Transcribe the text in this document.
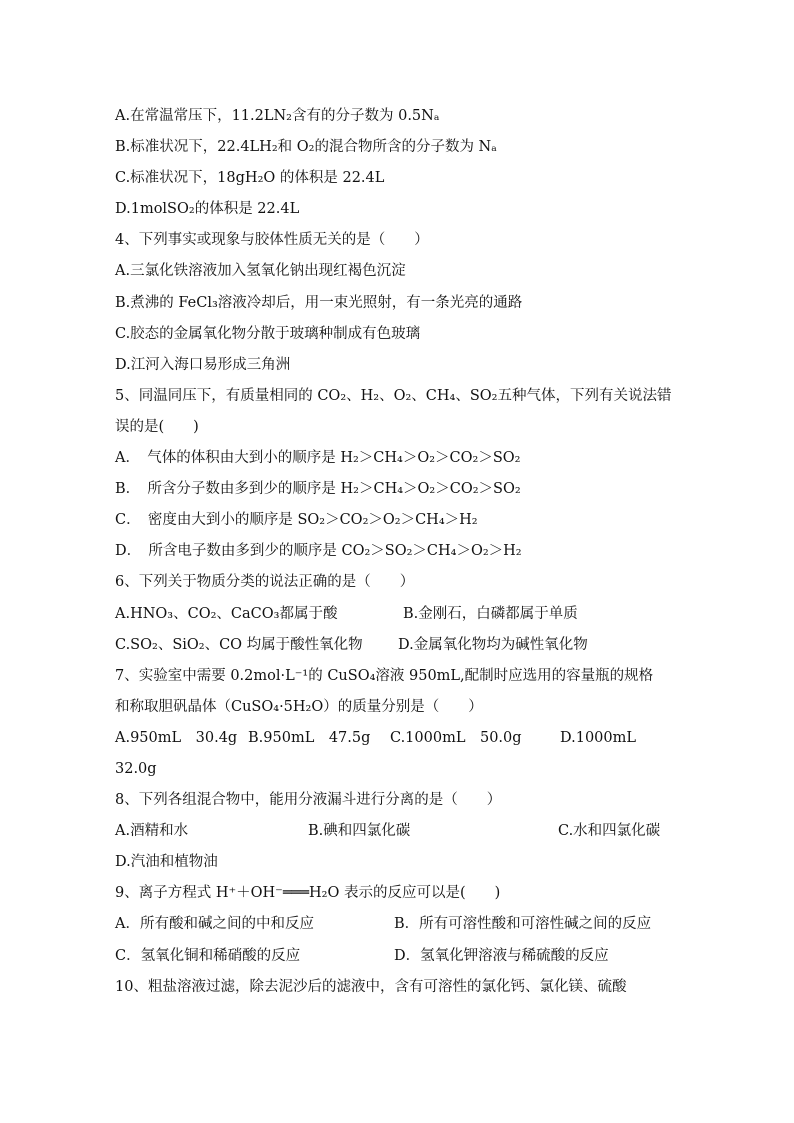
A.在常温常压下，11.2LN₂含有的分子数为 0.5Nₐ
B.标准状况下，22.4LH₂和 O₂的混合物所含的分子数为 Nₐ
C.标准状况下，18gH₂O 的体积是 22.4L
D.1molSO₂的体积是 22.4L
4、下列事实或现象与胶体性质无关的是（　　）
A.三氯化铁溶液加入氢氧化钠出现红褐色沉淀
B.煮沸的 FeCl₃溶液冷却后，用一束光照射，有一条光亮的通路
C.胶态的金属氧化物分散于玻璃种制成有色玻璃
D.江河入海口易形成三角洲
5、同温同压下，有质量相同的 CO₂、H₂、O₂、CH₄、SO₂五种气体，下列有关说法错
误的是(　　)
A．　气体的体积由大到小的顺序是 H₂＞CH₄＞O₂＞CO₂＞SO₂
B．　所含分子数由多到少的顺序是 H₂＞CH₄＞O₂＞CO₂＞SO₂
C．　密度由大到小的顺序是 SO₂＞CO₂＞O₂＞CH₄＞H₂
D．　所含电子数由多到少的顺序是 CO₂＞SO₂＞CH₄＞O₂＞H₂
6、下列关于物质分类的说法正确的是（　　）
A.HNO₃、CO₂、CaCO₃都属于酸	B.金刚石，白磷都属于单质
C.SO₂、SiO₂、CO 均属于酸性氧化物 D.金属氧化物均为碱性氧化物
7、实验室中需要 0.2mol·L⁻¹的 CuSO₄溶液 950mL,配制时应选用的容量瓶的规格
和称取胆矾晶体（CuSO₄·5H₂O）的质量分别是（　　）
A.950mL　30.4g B.950mL　47.5g C.1000mL　50.0g	D.1000mL
32.0g
8、下列各组混合物中，能用分液漏斗进行分离的是（　　）
A.酒精和水	B.碘和四氯化碳	C.水和四氯化碳
D.汽油和植物油
9、离子方程式 H⁺＋OH⁻═══H₂O 表示的反应可以是(　　)
A．所有酸和碱之间的中和反应	B．所有可溶性酸和可溶性碱之间的反应
C．氢氧化铜和稀硝酸的反应	D．氢氧化钾溶液与稀硫酸的反应
10、粗盐溶液过滤，除去泥沙后的滤液中，含有可溶性的氯化钙、氯化镁、硫酸
